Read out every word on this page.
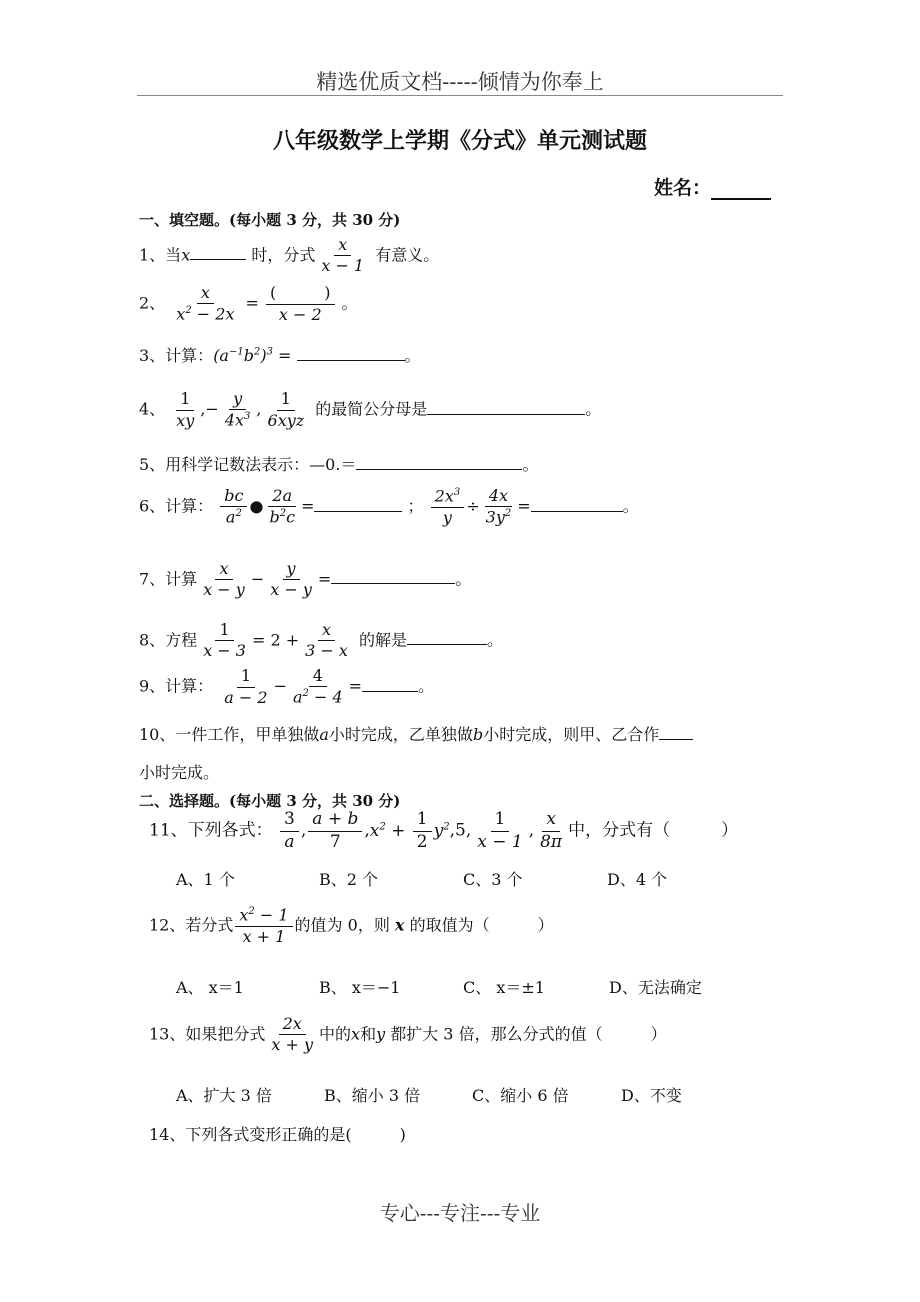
精选优质文档-----倾情为你奉上
八年级数学上学期《分式》单元测试题
姓名：
一、填空题。(每小题 3 分，共 30 分)
1、当x	时，分式 $\frac{x}{x - 1}$ 有意义。
2、 $\frac{x}{x^2 - 2x} = \frac{( )}{x - 2}$ 。
3、计算：$(a^{-1}b^2)^3$ =	。
4、 $\frac{1}{xy}$ ,− $\frac{y}{4x^3}$ , $\frac{1}{\text{6xyz}}$ 的最简公分母是	。
5、用科学记数法表示：—0.＝	。
6、计算： $\frac{bc}{a^2}$ ● $\frac{2a}{b^2c}$ =	； $\frac{2x^3}{y} \div \frac{4x}{3y^2}$ =	。
7、计算 $\frac{x}{x - y} - \frac{y}{x - y}$ =	。
8、方程 $\frac{1}{x - 3} = 2 + \frac{x}{3 - x}$ 的解是	。
9、计算： $\frac{1}{a - 2} - \frac{4}{a^2 - 4}$ =	。
10、一件工作，甲单独做a小时完成，乙单独做b小时完成，则甲、乙合作
小时完成。
二、选择题。(每小题 3 分，共 30 分)
11、下列各式： $\frac{3}{a}$ , $\frac{a + b}{7} ,x^2 + \frac{1}{2} y^2,5$, $\frac{1}{x - 1}$ , $\frac{x}{8\pi}$ 中，分式有（　　　）
A、1 个	B、2 个	C、3 个	D、4 个
12、若分式 $\frac{x^2 - 1}{x + 1}$ 的值为 0，则 x 的取值为（　　　）
A、 x＝1	B、 x＝−1	C、 x＝±1	D、无法确定
13、如果把分式 $\frac{2x}{x + y}$ 中的x和y 都扩大 3 倍，那么分式的值（　　　）
A、扩大 3 倍	B、缩小 3 倍	C、缩小 6 倍	D、不变
14、下列各式变形正确的是(　　　)
专心---专注---专业
